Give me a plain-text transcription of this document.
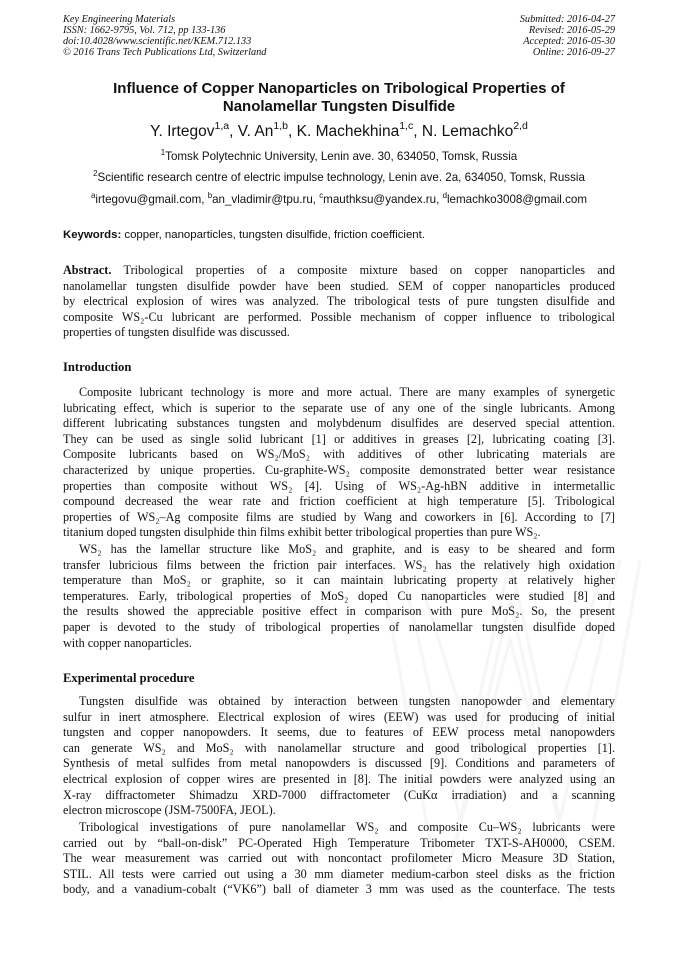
Key Engineering Materials
ISSN: 1662-9795, Vol. 712, pp 133-136
doi:10.4028/www.scientific.net/KEM.712.133
© 2016 Trans Tech Publications Ltd, Switzerland
Submitted: 2016-04-27
Revised: 2016-05-29
Accepted: 2016-05-30
Online: 2016-09-27
Influence of Copper Nanoparticles on Tribological Properties of
Nanolamellar Tungsten Disulfide
Y. Irtegov$^{1,a}$, V. An$^{1,b}$, K. Machekhina$^{1,c}$, N. Lemachko$^{2,d}$
$^1$Tomsk Polytechnic University, Lenin ave. 30, 634050, Tomsk, Russia
$^2$Scientific research centre of electric impulse technology, Lenin ave. 2a, 634050, Tomsk, Russia
$^a$irtegovu@gmail.com, $^b$an_vladimir@tpu.ru, $^c$mauthksu@yandex.ru, $^d$lemachko3008@gmail.com
Keywords: copper, nanoparticles, tungsten disulfide, friction coefficient.
Abstract. Tribological properties of a composite mixture based on copper nanoparticles and
nanolamellar tungsten disulfide powder have been studied. SEM of copper nanoparticles produced
by electrical explosion of wires was analyzed. The tribological tests of pure tungsten disulfide and
composite WS₂-Cu lubricant are performed. Possible mechanism of copper influence to tribological
properties of tungsten disulfide was discussed.
Introduction
Composite lubricant technology is more and more actual. There are many examples of synergetic
lubricating effect, which is superior to the separate use of any one of the single lubricants. Among
different lubricating substances tungsten and molybdenum disulfides are deserved special attention.
They can be used as single solid lubricant [1] or additives in greases [2], lubricating coating [3].
Composite lubricants based on WS₂/MoS₂ with additives of other lubricating materials are
characterized by unique properties. Cu-graphite-WS₂ composite demonstrated better wear resistance
properties than composite without WS₂ [4]. Using of WS₂-Ag-hBN additive in intermetallic
compound decreased the wear rate and friction coefficient at high temperature [5]. Tribological
properties of WS₂–Ag composite films are studied by Wang and coworkers in [6]. According to [7]
titanium doped tungsten disulphide thin films exhibit better tribological properties than pure WS₂.
WS₂ has the lamellar structure like MoS₂ and graphite, and is easy to be sheared and form
transfer lubricious films between the friction pair interfaces. WS₂ has the relatively high oxidation
temperature than MoS₂ or graphite, so it can maintain lubricating property at relatively higher
temperatures. Early, tribological properties of MoS₂ doped Cu nanoparticles were studied [8] and
the results showed the appreciable positive effect in comparison with pure MoS₂. So, the present
paper is devoted to the study of tribological properties of nanolamellar tungsten disulfide doped
with copper nanoparticles.
Experimental procedure
Tungsten disulfide was obtained by interaction between tungsten nanopowder and elementary
sulfur in inert atmosphere. Electrical explosion of wires (EEW) was used for producing of initial
tungsten and copper nanopowders. It seems, due to features of EEW process metal nanopowders
can generate WS₂ and MoS₂ with nanolamellar structure and good tribological properties [1].
Synthesis of metal sulfides from metal nanopowders is discussed [9]. Conditions and parameters of
electrical explosion of copper wires are presented in [8]. The initial powders were analyzed using an
X-ray diffractometer Shimadzu XRD-7000 diffractometer (CuKα irradiation) and a scanning
electron microscope (JSM-7500FA, JEOL).
Tribological investigations of pure nanolamellar WS₂ and composite Cu–WS₂ lubricants were
carried out by “ball-on-disk” PC-Operated High Temperature Tribometer TXT-S-AH0000, CSEM.
The wear measurement was carried out with noncontact profilometer Micro Measure 3D Station,
STIL. All tests were carried out using a 30 mm diameter medium-carbon steel disks as the friction
body, and a vanadium-cobalt (“VK6”) ball of diameter 3 mm was used as the counterface. The tests
